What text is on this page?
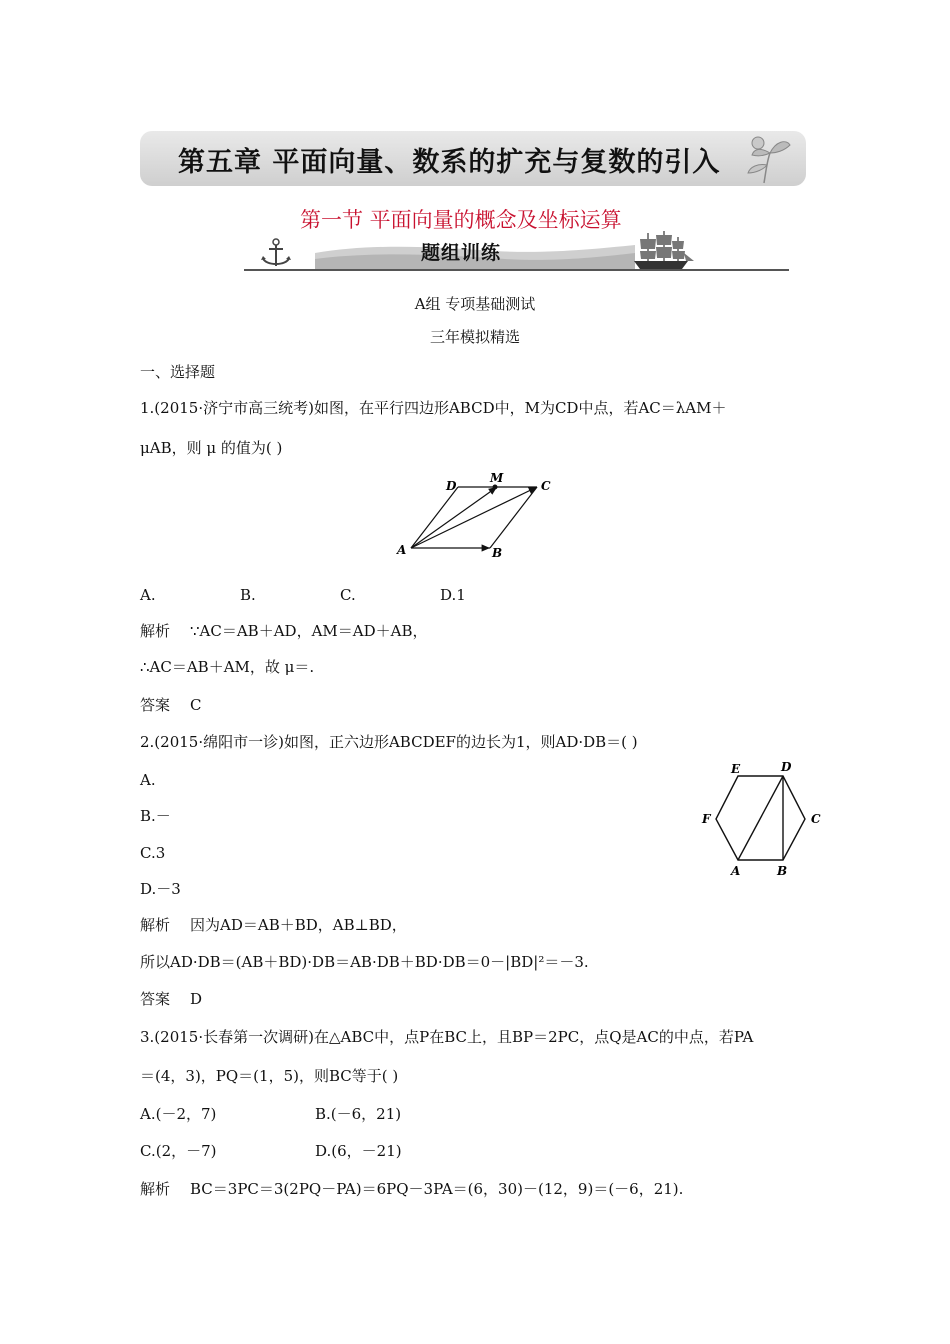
第五章 平面向量、数系的扩充与复数的引入
第一节 平面向量的概念及坐标运算
题组训练
A组 专项基础测试
三年模拟精选
一、选择题
1.(2015·济宁市高三统考)如图，在平行四边形ABCD中，M为CD中点，若AC＝λAM＋
μAB，则 μ 的值为( )
A	B
C
D
M
A.	B.	C.	D.1
解析 ∵AC＝AB＋AD，AM＝AD＋AB，
∴AC＝AB＋AM，故 μ＝.
答案 C
2.(2015·绵阳市一诊)如图，正六边形ABCDEF的边长为1，则AD·DB＝( )
A.
B.－
C.3
D.－3
A	B
C
D
E
F
解析 因为AD＝AB＋BD，AB⊥BD，
所以AD·DB＝(AB＋BD)·DB＝AB·DB＋BD·DB＝0－|BD|²＝－3.
答案 D
3.(2015·长春第一次调研)在△ABC中，点P在BC上，且BP＝2PC，点Q是AC的中点，若PA
＝(4，3)，PQ＝(1，5)，则BC等于( )
A.(－2，7)	B.(－6，21)
C.(2，－7)	D.(6，－21)
解析 BC＝3PC＝3(2PQ－PA)＝6PQ－3PA＝(6，30)－(12，9)＝(－6，21).
